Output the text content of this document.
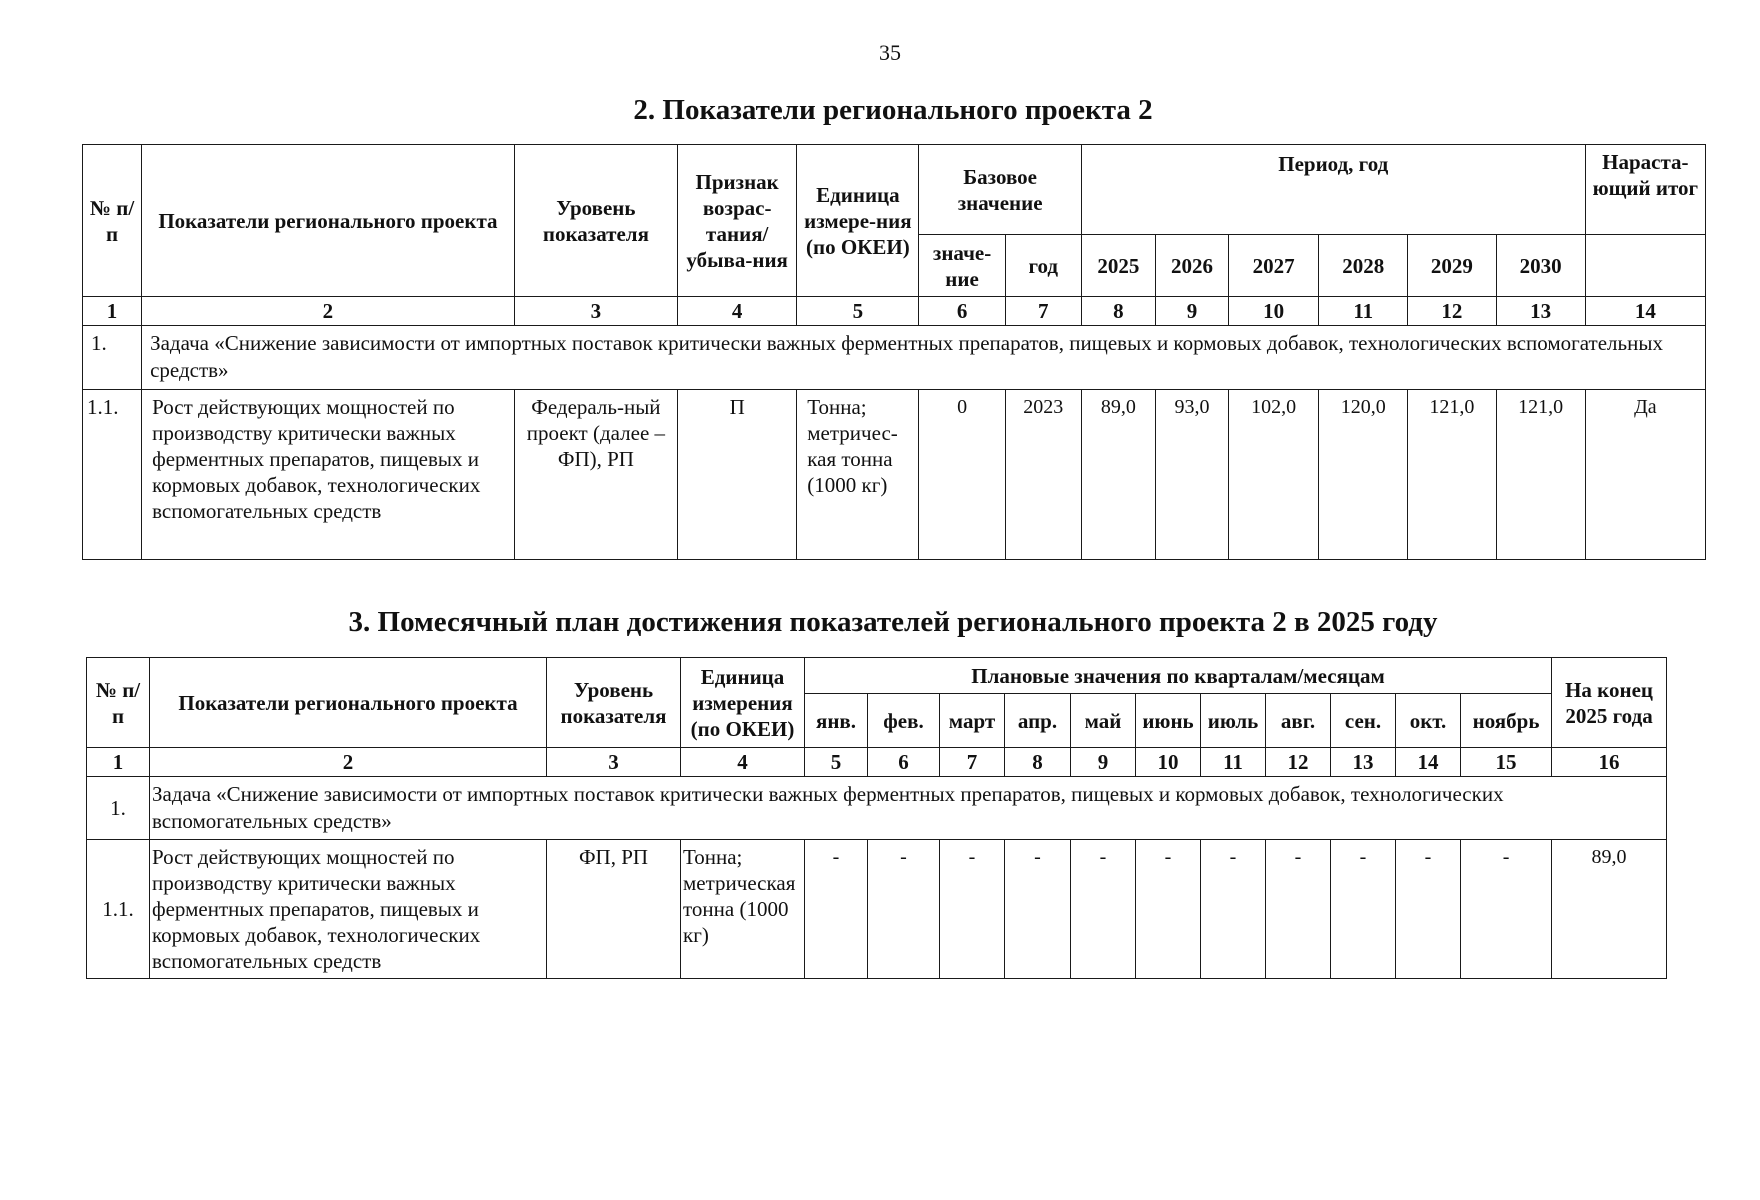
35
2. Показатели регионального проекта 2
№ п/п	Показатели регионального проекта	Уровень показателя	Признак возрас-тания/ убыва-ния	Единица измере-ния (по ОКЕИ)	Базовое значение		Период, год						Нараста-ющий итог
					значе-ние	год	2025	2026	2027	2028	2029	2030	
1	2	3	4	5	6	7	8	9	10	11	12	13	14
1.	Задача «Снижение зависимости от импортных поставок критически важных ферментных препаратов, пищевых и кормовых добавок, технологических вспомогательных средств»												
1.1.	Рост действующих мощностей по производству критически важных ферментных препаратов, пищевых и кормовых добавок, технологических вспомогательных средств	Федераль-ный проект (далее – ФП), РП	П	Тонна; метричес-кая тонна (1000 кг)	0	2023	89,0	93,0	102,0	120,0	121,0	121,0	Да
3. Помесячный план достижения показателей регионального проекта 2 в 2025 году
№ п/п	Показатели регионального проекта	Уровень показателя	Единица измерения (по ОКЕИ)	Плановые значения по кварталам/месяцам											На конец 2025 года
				янв.	фев.	март	апр.	май	июнь	июль	авг.	сен.	окт.	ноябрь	
1	2	3	4	5	6	7	8	9	10	11	12	13	14	15	16
1.	Задача «Снижение зависимости от импортных поставок критически важных ферментных препаратов, пищевых и кормовых добавок, технологических вспомогательных средств»														
1.1.	Рост действующих мощностей по производству критически важных ферментных препаратов, пищевых и кормовых добавок, технологических вспомогательных средств	ФП, РП	Тонна; метрическая тонна (1000 кг)	-	-	-	-	-	-	-	-	-	-	-	89,0
